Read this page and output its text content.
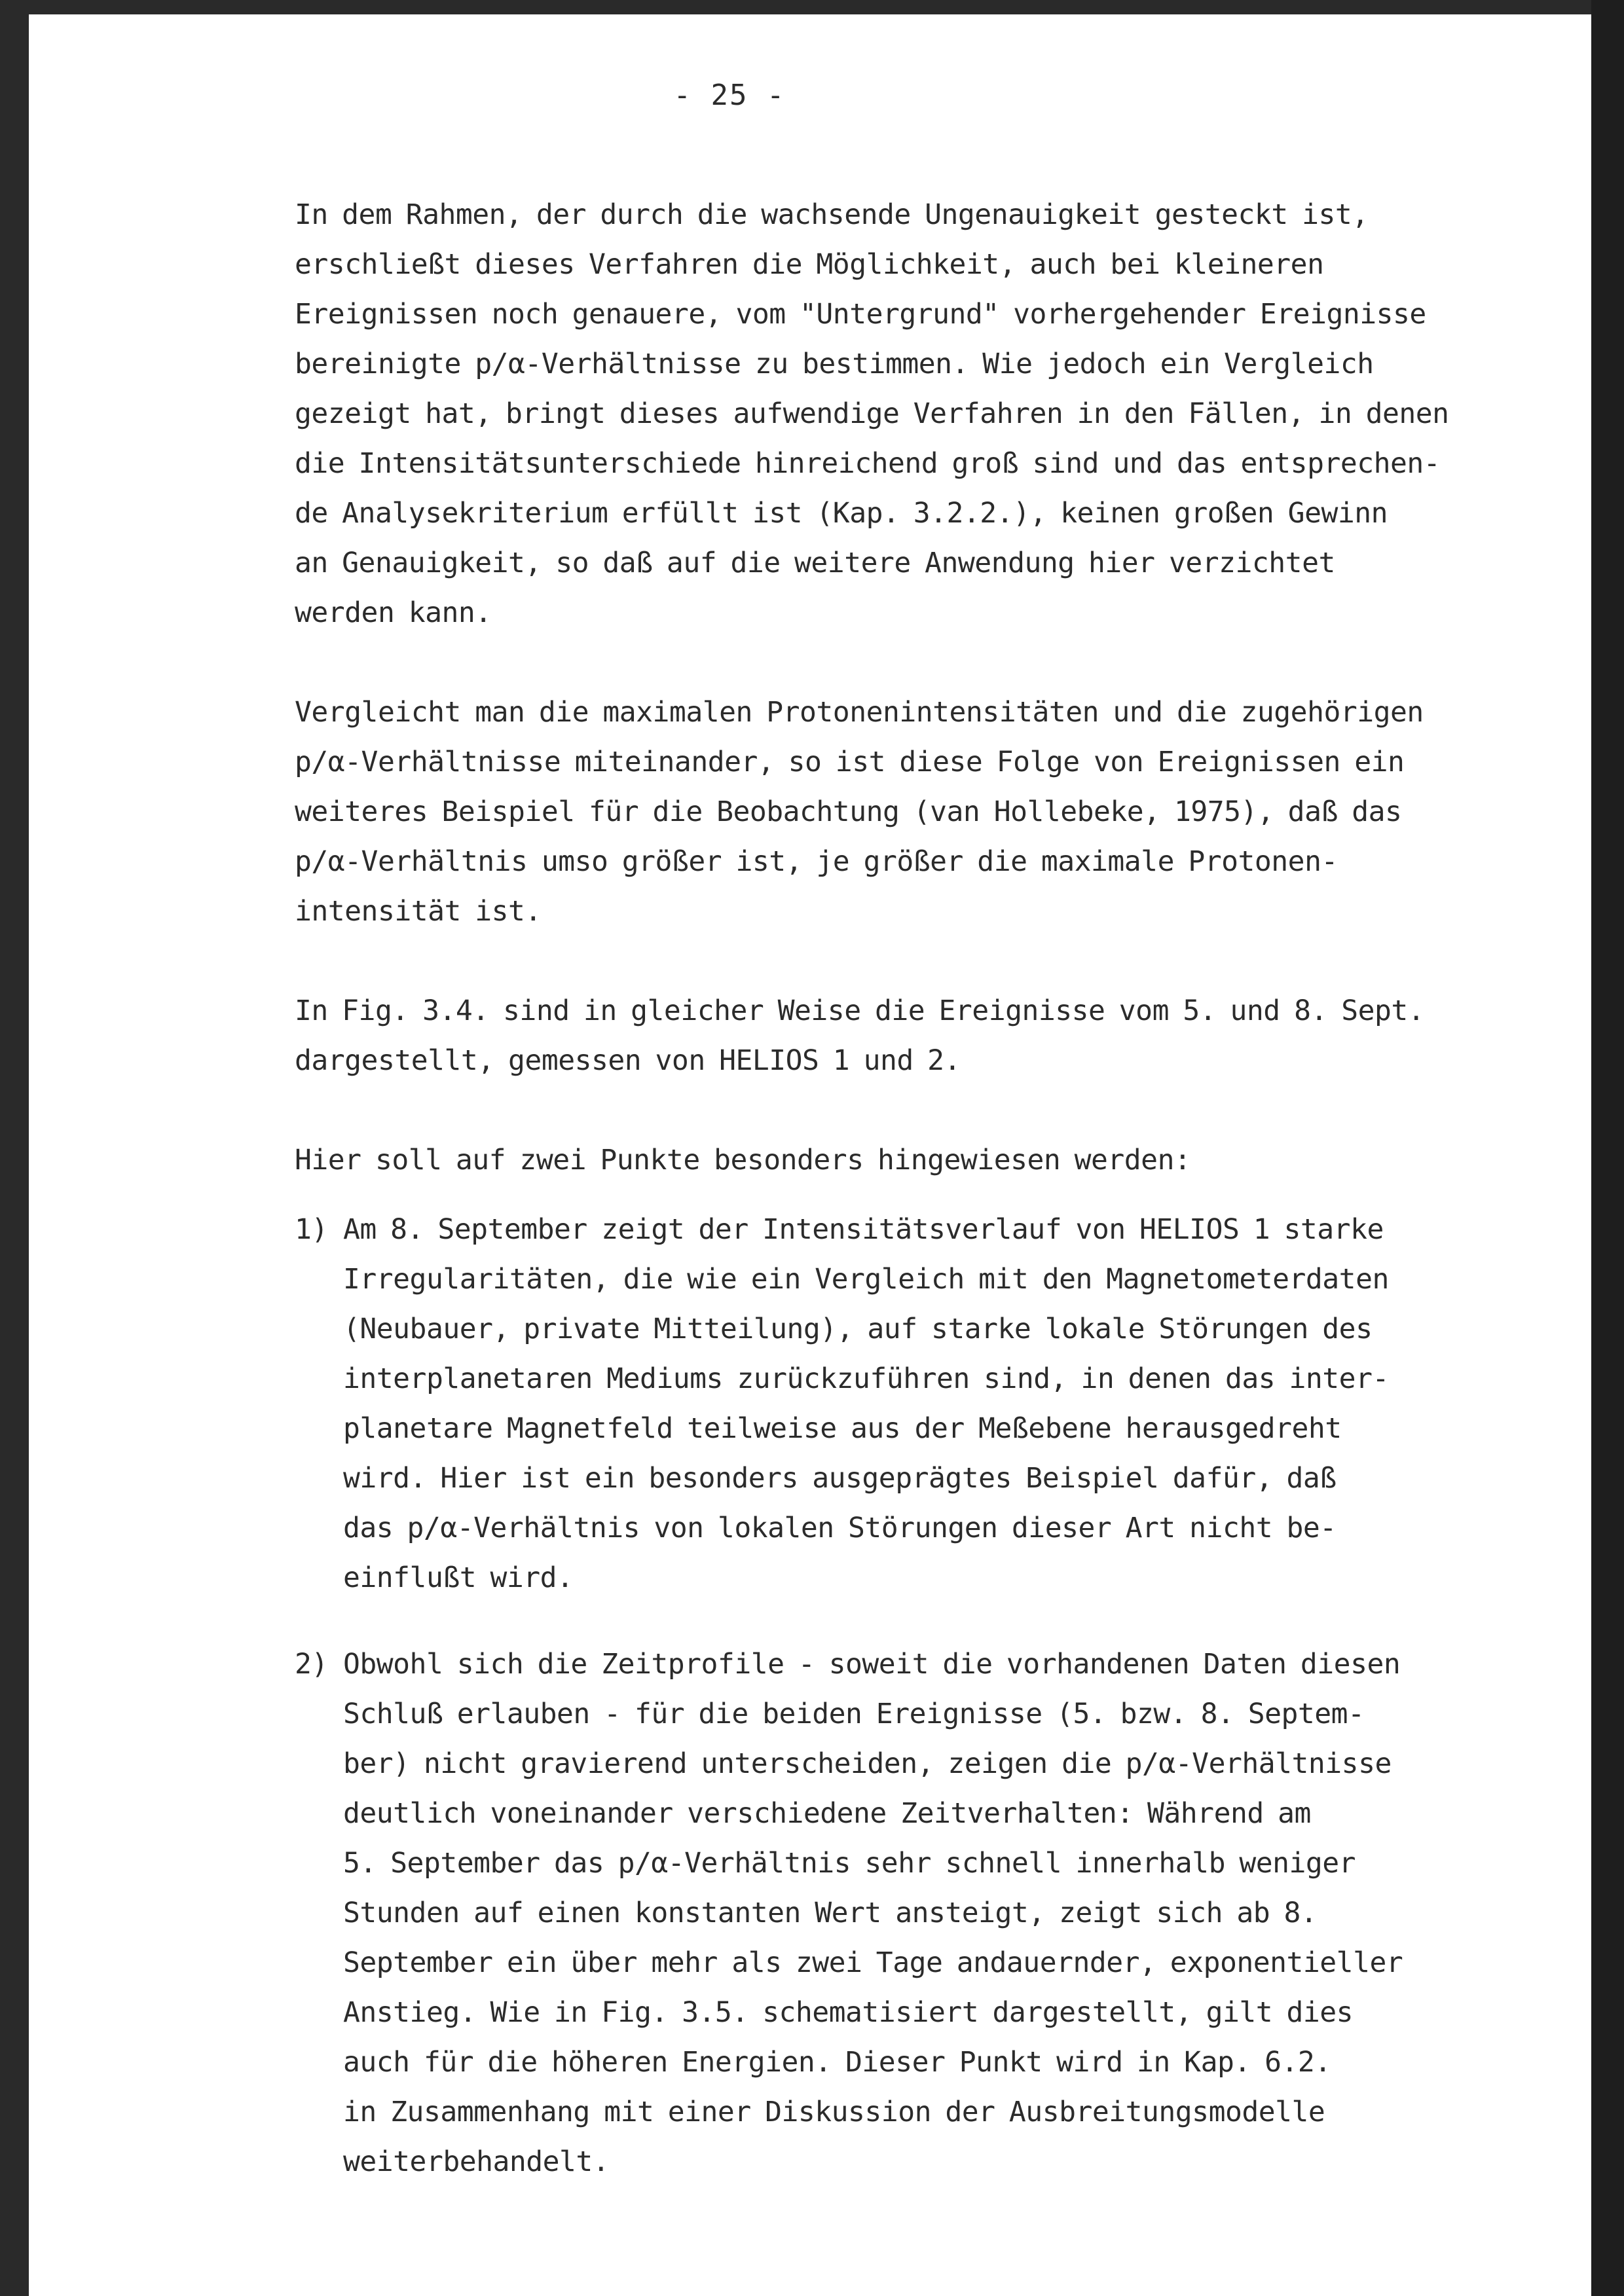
- 25 -
In dem Rahmen, der durch die wachsende Ungenauigkeit gesteckt ist,
erschließt dieses Verfahren die Möglichkeit, auch bei kleineren
Ereignissen noch genauere, vom "Untergrund" vorhergehender Ereignisse
bereinigte p/α-Verhältnisse zu bestimmen. Wie jedoch ein Vergleich
gezeigt hat, bringt dieses aufwendige Verfahren in den Fällen, in denen
die Intensitätsunterschiede hinreichend groß sind und das entsprechen-
de Analysekriterium erfüllt ist (Kap. 3.2.2.), keinen großen Gewinn
an Genauigkeit, so daß auf die weitere Anwendung hier verzichtet
werden kann.
Vergleicht man die maximalen Protonenintensitäten und die zugehörigen
p/α-Verhältnisse miteinander, so ist diese Folge von Ereignissen ein
weiteres Beispiel für die Beobachtung (van Hollebeke, 1975), daß das
p/α-Verhältnis umso größer ist, je größer die maximale Protonen-
intensität ist.
In Fig. 3.4. sind in gleicher Weise die Ereignisse vom 5. und 8. Sept.
dargestellt, gemessen von HELIOS 1 und 2.
Hier soll auf zwei Punkte besonders hingewiesen werden:
1) Am 8. September zeigt der Intensitätsverlauf von HELIOS 1 starke
Irregularitäten, die wie ein Vergleich mit den Magnetometerdaten
(Neubauer, private Mitteilung), auf starke lokale Störungen des
interplanetaren Mediums zurückzuführen sind, in denen das inter-
planetare Magnetfeld teilweise aus der Meßebene herausgedreht
wird. Hier ist ein besonders ausgeprägtes Beispiel dafür, daß
das p/α-Verhältnis von lokalen Störungen dieser Art nicht be-
einflußt wird.
2) Obwohl sich die Zeitprofile - soweit die vorhandenen Daten diesen
Schluß erlauben - für die beiden Ereignisse (5. bzw. 8. Septem-
ber) nicht gravierend unterscheiden, zeigen die p/α-Verhältnisse
deutlich voneinander verschiedene Zeitverhalten: Während am
5. September das p/α-Verhältnis sehr schnell innerhalb weniger
Stunden auf einen konstanten Wert ansteigt, zeigt sich ab 8.
September ein über mehr als zwei Tage andauernder, exponentieller
Anstieg. Wie in Fig. 3.5. schematisiert dargestellt, gilt dies
auch für die höheren Energien. Dieser Punkt wird in Kap. 6.2.
in Zusammenhang mit einer Diskussion der Ausbreitungsmodelle
weiterbehandelt.
